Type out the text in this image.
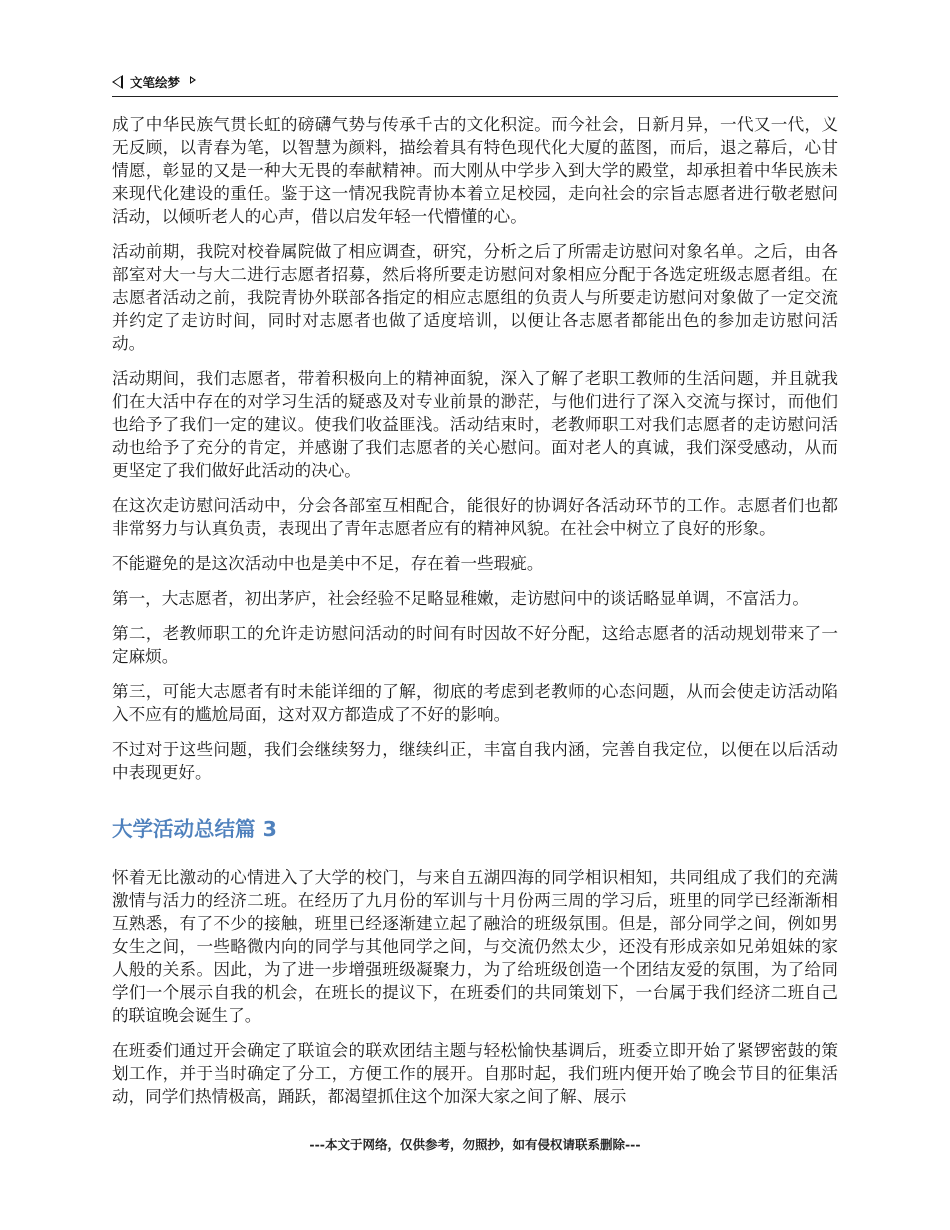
文笔绘梦

成了中华民族气贯长虹的磅礴气势与传承千古的文化积淀。而今社会，日新月异，一代又一代，义无反顾，以青春为笔，以智慧为颜料，描绘着具有特色现代化大厦的蓝图，而后，退之幕后，心甘情愿，彰显的又是一种大无畏的奉献精神。而大刚从中学步入到大学的殿堂，却承担着中华民族未来现代化建设的重任。鉴于这一情况我院青协本着立足校园，走向社会的宗旨志愿者进行敬老慰问活动，以倾听老人的心声，借以启发年轻一代懵懂的心。

活动前期，我院对校眷属院做了相应调查，研究，分析之后了所需走访慰问对象名单。之后，由各部室对大一与大二进行志愿者招募，然后将所要走访慰问对象相应分配于各选定班级志愿者组。在志愿者活动之前，我院青协外联部各指定的相应志愿组的负责人与所要走访慰问对象做了一定交流并约定了走访时间，同时对志愿者也做了适度培训，以便让各志愿者都能出色的参加走访慰问活动。

活动期间，我们志愿者，带着积极向上的精神面貌，深入了解了老职工教师的生活问题，并且就我们在大活中存在的对学习生活的疑惑及对专业前景的渺茫，与他们进行了深入交流与探讨，而他们也给予了我们一定的建议。使我们收益匪浅。活动结束时，老教师职工对我们志愿者的走访慰问活动也给予了充分的肯定，并感谢了我们志愿者的关心慰问。面对老人的真诚，我们深受感动，从而更坚定了我们做好此活动的决心。

在这次走访慰问活动中，分会各部室互相配合，能很好的协调好各活动环节的工作。志愿者们也都非常努力与认真负责，表现出了青年志愿者应有的精神风貌。在社会中树立了良好的形象。

不能避免的是这次活动中也是美中不足，存在着一些瑕疵。

第一，大志愿者，初出茅庐，社会经验不足略显稚嫩，走访慰问中的谈话略显单调，不富活力。

第二，老教师职工的允许走访慰问活动的时间有时因故不好分配，这给志愿者的活动规划带来了一定麻烦。

第三，可能大志愿者有时未能详细的了解，彻底的考虑到老教师的心态问题，从而会使走访活动陷入不应有的尴尬局面，这对双方都造成了不好的影响。

不过对于这些问题，我们会继续努力，继续纠正，丰富自我内涵，完善自我定位，以便在以后活动中表现更好。

大学活动总结篇 3

怀着无比激动的心情进入了大学的校门，与来自五湖四海的同学相识相知，共同组成了我们的充满激情与活力的经济二班。在经历了九月份的军训与十月份两三周的学习后，班里的同学已经渐渐相互熟悉，有了不少的接触，班里已经逐渐建立起了融洽的班级氛围。但是，部分同学之间，例如男女生之间，一些略微内向的同学与其他同学之间，与交流仍然太少，还没有形成亲如兄弟姐妹的家人般的关系。因此，为了进一步增强班级凝聚力，为了给班级创造一个团结友爱的氛围，为了给同学们一个展示自我的机会，在班长的提议下，在班委们的共同策划下，一台属于我们经济二班自己的联谊晚会诞生了。

在班委们通过开会确定了联谊会的联欢团结主题与轻松愉快基调后，班委立即开始了紧锣密鼓的策划工作，并于当时确定了分工，方便工作的展开。自那时起，我们班内便开始了晚会节目的征集活动，同学们热情极高，踊跃，都渴望抓住这个加深大家之间了解、展示

---本文于网络，仅供参考，勿照抄，如有侵权请联系删除---
